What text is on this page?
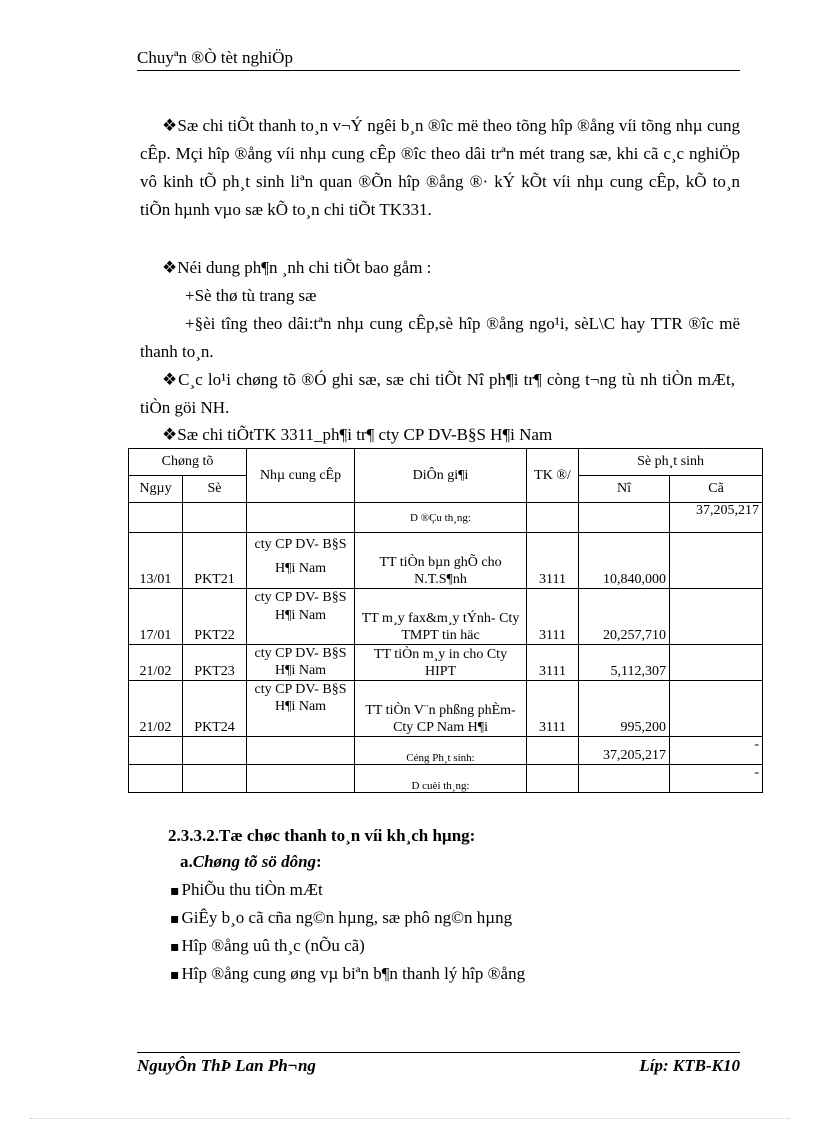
Chuyªn ®Ò tèt nghiÖp
❖Sæ chi tiÕt thanh to¸n v¬Ý ngêi b¸n ®îc më theo tõng hîp ®ång víi tõng nhµ cung cÊp. Mçi hîp ®ång víi nhµ cung cÊp ®îc theo dâi trªn mét trang sæ, khi cã c¸c nghiÖp vô kinh tÕ ph¸t sinh liªn quan ®Õn hîp ®ång ®· kÝ kÕt víi nhµ cung cÊp, kÕ to¸n tiÕn hµnh vµo sæ kÕ to¸n chi tiÕt TK331.
❖Néi dung ph¶n ¸nh chi tiÕt bao gåm :
+Sè thø tù trang sæ
+§èi tîng theo dâi:tªn nhµ cung cÊp,sè hîp ®ång ngo¹i, sèL\C hay TTR ®îc më thanh to¸n.
❖C¸c lo¹i chøng tõ ®Ó ghi sæ, sæ chi tiÕt Nî ph¶i tr¶ còng t¬ng tù nh tiÒn mÆt, tiÒn göi NH.
❖Sæ chi tiÕtTK 3311_ph¶i tr¶ cty CP DV-B§S H¶i Nam
Chøng tõ		Nhµ cung cÊp	DiÔn gi¶i	TK ®/	Sè ph¸t sinh	
Ngµy	Sè				Nî	Cã
			D ®Çu th¸ng:			37,205,217
13/01	PKT21	cty CP DV- B§S H¶i Nam	TT tiÒn bµn ghÕ cho N.T.S¶nh	3111	10,840,000	
17/01	PKT22	cty CP DV- B§S H¶i Nam	TT m¸y fax&m¸y tÝnh- Cty TMPT tin häc	3111	20,257,710	
21/02	PKT23	cty CP DV- B§S H¶i Nam	TT tiÒn m¸y in cho Cty HIPT	3111	5,112,307	
21/02	PKT24	cty CP DV- B§S H¶i Nam	TT tiÒn V¨n phßng phÈm- Cty CP Nam H¶i	3111	995,200	
			Céng Ph¸t sinh:		37,205,217	-
			D cuèi th¸ng:			-
2.3.3.2.Tæ chøc thanh to¸n víi kh¸ch hµng:
a.Chøng tõ sö dông:
▪ PhiÕu thu tiÒn mÆt
▪ GiÊy b¸o cã cña ng©n hµng, sæ phô ng©n hµng
▪ Hîp ®ång uû th¸c (nÕu cã)
▪ Hîp ®ång cung øng vµ biªn b¶n thanh lý hîp ®ång
NguyÔn ThÞ Lan Ph¬ng	Líp: KTB-K10
